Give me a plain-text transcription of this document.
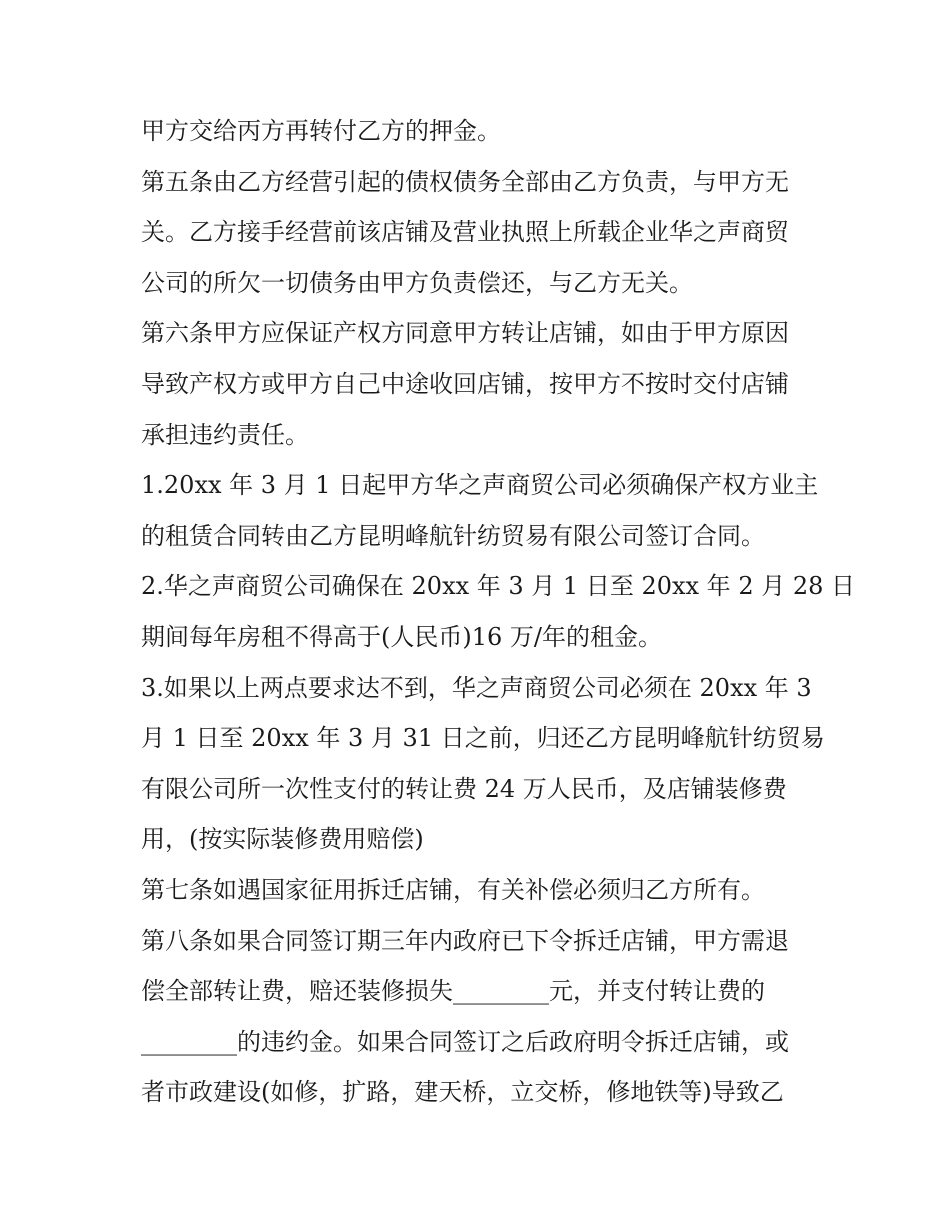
甲方交给丙方再转付乙方的押金。
第五条由乙方经营引起的债权债务全部由乙方负责，与甲方无
关。乙方接手经营前该店铺及营业执照上所载企业华之声商贸
公司的所欠一切债务由甲方负责偿还，与乙方无关。
第六条甲方应保证产权方同意甲方转让店铺，如由于甲方原因
导致产权方或甲方自己中途收回店铺，按甲方不按时交付店铺
承担违约责任。
1.20xx 年 3 月 1 日起甲方华之声商贸公司必须确保产权方业主
的租赁合同转由乙方昆明峰航针纺贸易有限公司签订合同。
2.华之声商贸公司确保在 20xx 年 3 月 1 日至 20xx 年 2 月 28 日
期间每年房租不得高于(人民币)16 万/年的租金。
3.如果以上两点要求达不到，华之声商贸公司必须在 20xx 年 3
月 1 日至 20xx 年 3 月 31 日之前，归还乙方昆明峰航针纺贸易
有限公司所一次性支付的转让费 24 万人民币，及店铺装修费
用，(按实际装修费用赔偿)
第七条如遇国家征用拆迁店铺，有关补偿必须归乙方所有。
第八条如果合同签订期三年内政府已下令拆迁店铺，甲方需退
偿全部转让费，赔还装修损失________元，并支付转让费的
________的违约金。如果合同签订之后政府明令拆迁店铺，或
者市政建设(如修，扩路，建天桥，立交桥，修地铁等)导致乙
